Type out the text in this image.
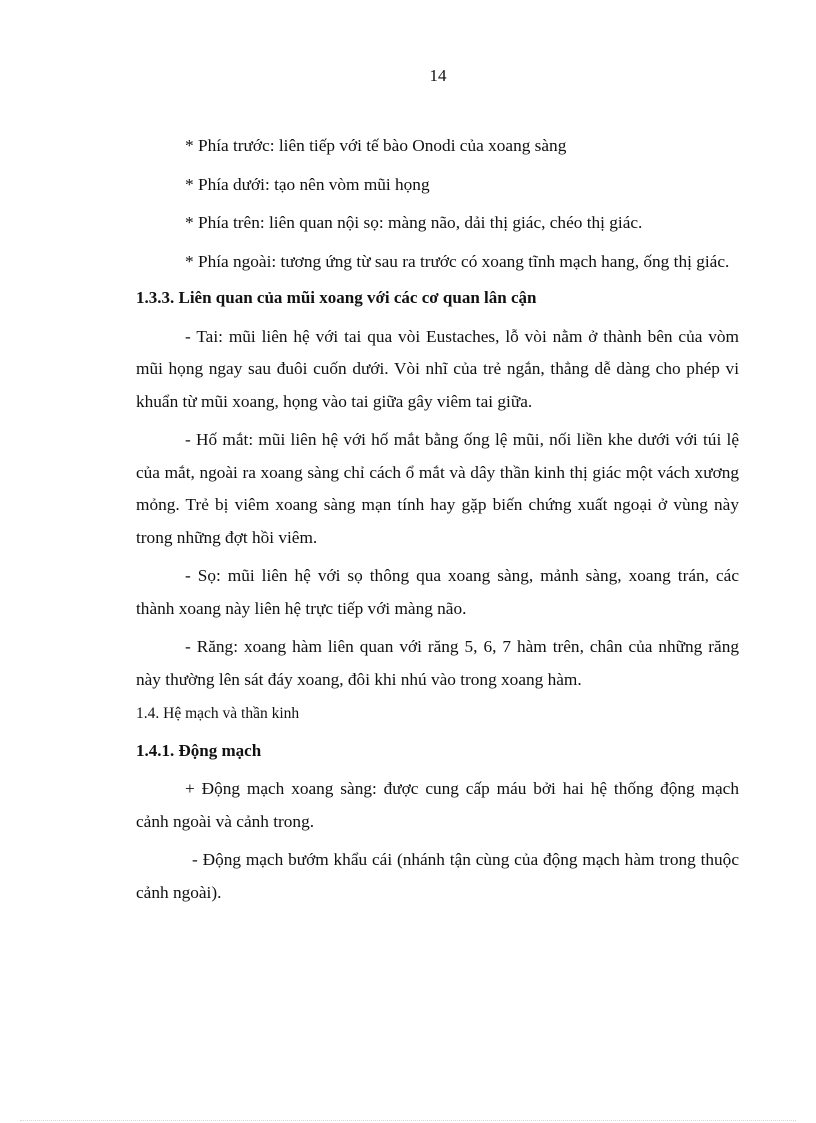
14

* Phía trước: liên tiếp với tế bào Onodi của xoang sàng

* Phía dưới: tạo nên vòm mũi họng

* Phía trên: liên quan nội sọ: màng não, dải thị giác, chéo thị giác.

* Phía ngoài: tương ứng từ sau ra trước có xoang tĩnh mạch hang, ống thị giác.

1.3.3. Liên quan của mũi xoang với các cơ quan lân cận

- Tai: mũi liên hệ với tai qua vòi Eustaches, lỗ vòi nằm ở thành bên của vòm mũi họng ngay sau đuôi cuốn dưới. Vòi nhĩ của trẻ ngắn, thẳng dễ dàng cho phép vi khuẩn từ mũi xoang, họng vào tai giữa gây viêm tai giữa.

- Hố mắt: mũi liên hệ với hố mắt bằng ống lệ mũi, nối liền khe dưới với túi lệ của mắt, ngoài ra xoang sàng chỉ cách ổ mắt và dây thần kinh thị giác một vách xương mỏng. Trẻ bị viêm xoang sàng mạn tính hay gặp biến chứng xuất ngoại ở vùng này trong những đợt hồi viêm.

- Sọ: mũi liên hệ với sọ thông qua xoang sàng, mảnh sàng, xoang trán, các thành xoang này liên hệ trực tiếp với màng não.

- Răng: xoang hàm liên quan với răng 5, 6, 7 hàm trên, chân của những răng này thường lên sát đáy xoang, đôi khi nhú vào trong xoang hàm.

1.4. Hệ mạch và thần kinh

1.4.1. Động mạch

+ Động mạch xoang sàng: được cung cấp máu bởi hai hệ thống động mạch cảnh ngoài và cảnh trong.

- Động mạch bướm khẩu cái (nhánh tận cùng của động mạch hàm trong thuộc cảnh ngoài).
